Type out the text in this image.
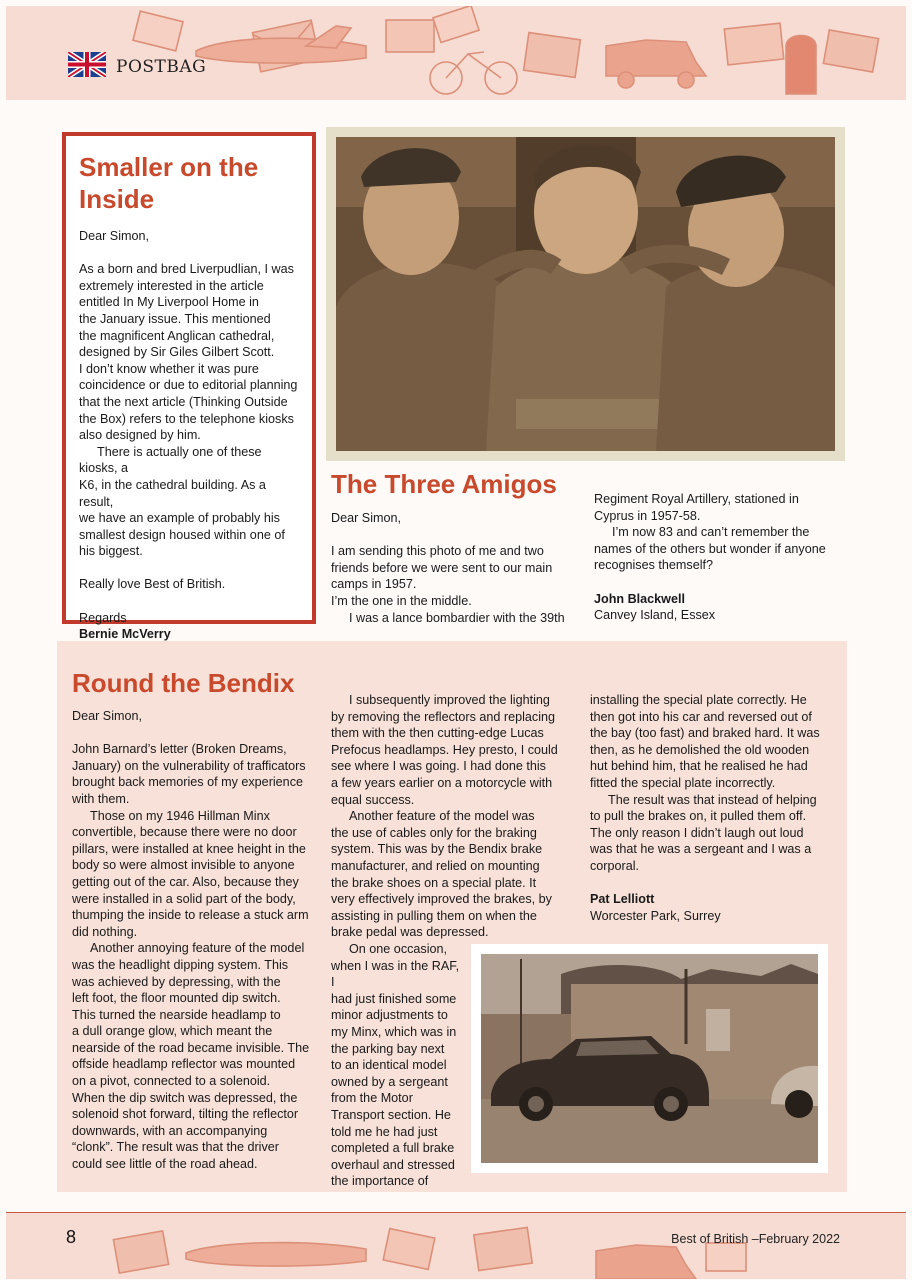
POSTBAG
Smaller on the Inside

Dear Simon,

As a born and bred Liverpudlian, I was

extremely interested in the article

entitled In My Liverpool Home in

the January issue. This mentioned

the magnificent Anglican cathedral,

designed by Sir Giles Gilbert Scott.

I don’t know whether it was pure

coincidence or due to editorial planning

that the next article (Thinking Outside

the Box) refers to the telephone kiosks

also designed by him.

There is actually one of these kiosks, a

K6, in the cathedral building. As a result,

we have an example of probably his

smallest design housed within one of

his biggest.

Really love Best of British.

Regards

Bernie McVerry

The Three Amigos

Dear Simon,

I am sending this photo of me and two

friends before we were sent to our main

camps in 1957.

I’m the one in the middle.

I was a lance bombardier with the 39th

Regiment Royal Artillery, stationed in

Cyprus in 1957-58.

I’m now 83 and can’t remember the

names of the others but wonder if anyone

recognises themself?

John Blackwell

Canvey Island, Essex

Round the Bendix

Dear Simon,

John Barnard’s letter (Broken Dreams,

January) on the vulnerability of trafficators

brought back memories of my experience

with them.

Those on my 1946 Hillman Minx

convertible, because there were no door

pillars, were installed at knee height in the

body so were almost invisible to anyone

getting out of the car. Also, because they

were installed in a solid part of the body,

thumping the inside to release a stuck arm

did nothing.

Another annoying feature of the model

was the headlight dipping system. This

was achieved by depressing, with the

left foot, the floor mounted dip switch.

This turned the nearside headlamp to

a dull orange glow, which meant the

nearside of the road became invisible. The

offside headlamp reflector was mounted

on a pivot, connected to a solenoid.

When the dip switch was depressed, the

solenoid shot forward, tilting the reflector

downwards, with an accompanying

“clonk”. The result was that the driver

could see little of the road ahead.

I subsequently improved the lighting

by removing the reflectors and replacing

them with the then cutting-edge Lucas

Prefocus headlamps. Hey presto, I could

see where I was going. I had done this

a few years earlier on a motorcycle with

equal success.

Another feature of the model was

the use of cables only for the braking

system. This was by the Bendix brake

manufacturer, and relied on mounting

the brake shoes on a special plate. It

very effectively improved the brakes, by

assisting in pulling them on when the

brake pedal was depressed.

On one occasion,

when I was in the RAF, I

had just finished some

minor adjustments to

my Minx, which was in

the parking bay next

to an identical model

owned by a sergeant

from the Motor

Transport section. He

told me he had just

completed a full brake

overhaul and stressed

the importance of

installing the special plate correctly. He

then got into his car and reversed out of

the bay (too fast) and braked hard. It was

then, as he demolished the old wooden

hut behind him, that he realised he had

fitted the special plate incorrectly.

The result was that instead of helping

to pull the brakes on, it pulled them off.

The only reason I didn’t laugh out loud

was that he was a sergeant and I was a

corporal.

Pat Lelliott

Worcester Park, Surrey

8	Best of British –February 2022
